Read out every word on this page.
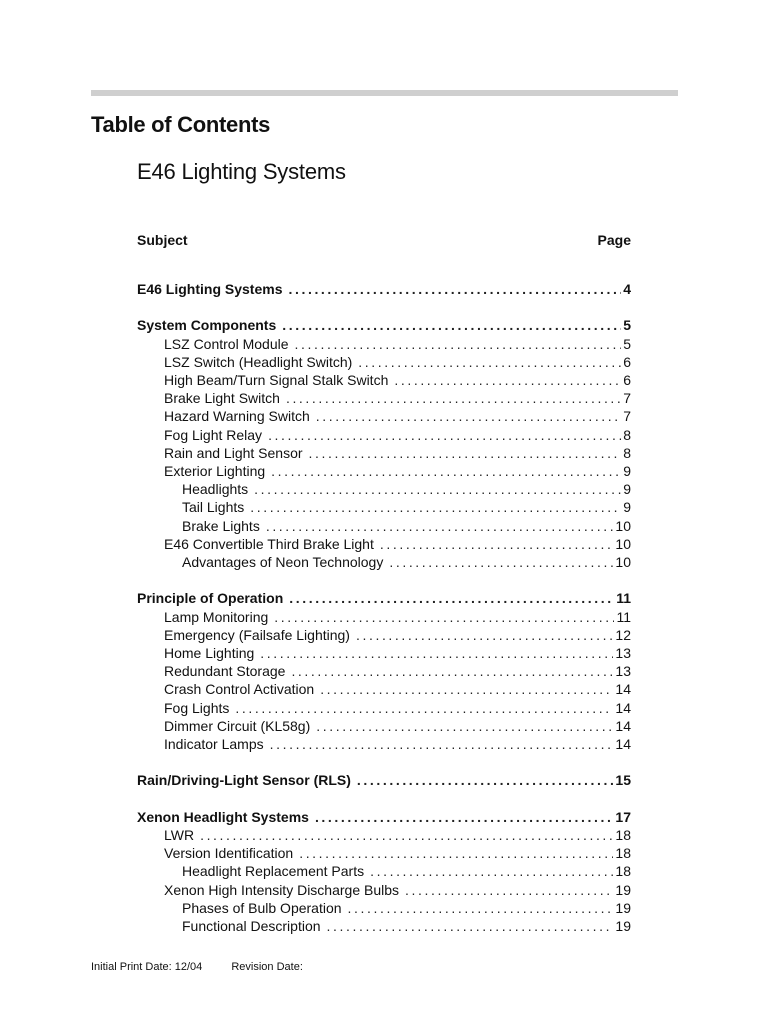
Table of Contents
E46 Lighting Systems
Subject	Page
E46 Lighting Systems .....	4
System Components .....	5
LSZ Control Module .....	5
LSZ Switch (Headlight Switch) .....	6
High Beam/Turn Signal Stalk Switch .....	6
Brake Light Switch .....	7
Hazard Warning Switch .....	7
Fog Light Relay .....	8
Rain and Light Sensor .....	8
Exterior Lighting .....	9
Headlights .....	9
Tail Lights .....	9
Brake Lights .....	10
E46 Convertible Third Brake Light .....	10
Advantages of Neon Technology .....	10
Principle of Operation .....	11
Lamp Monitoring .....	11
Emergency (Failsafe Lighting) .....	12
Home Lighting .....	13
Redundant Storage .....	13
Crash Control Activation .....	14
Fog Lights .....	14
Dimmer Circuit (KL58g) .....	14
Indicator Lamps .....	14
Rain/Driving-Light Sensor (RLS) .....	15
Xenon Headlight Systems .....	17
LWR .....	18
Version Identification .....	18
Headlight Replacement Parts .....	18
Xenon High Intensity Discharge Bulbs .....	19
Phases of Bulb Operation .....	19
Functional Description .....	19
Initial Print Date: 12/04	Revision Date:
